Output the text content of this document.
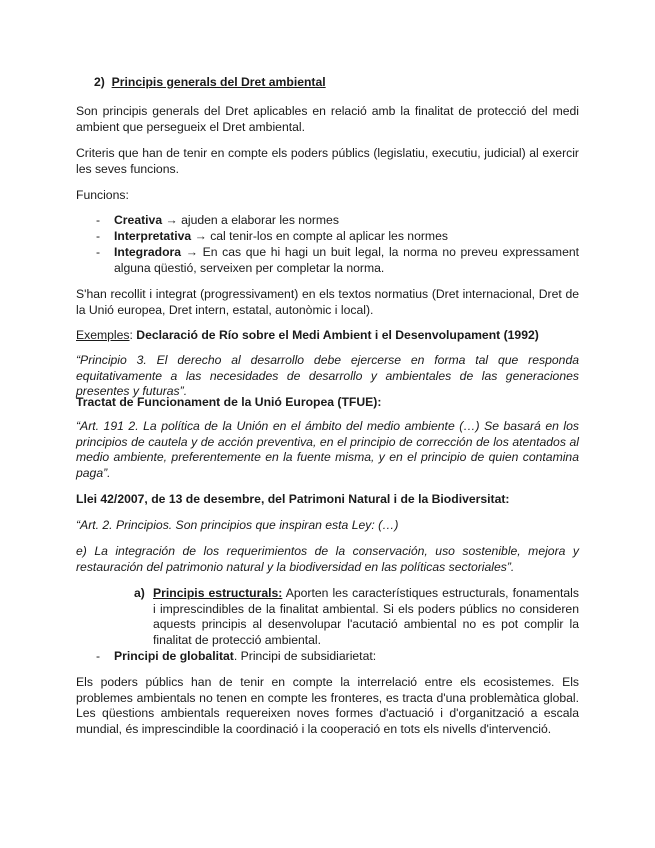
2) Principis generals del Dret ambiental

Son principis generals del Dret aplicables en relació amb la finalitat de protecció del medi ambient que persegueix el Dret ambiental.

Criteris que han de tenir en compte els poders públics (legislatiu, executiu, judicial) al exercir les seves funcions.

Funcions:

- Creativa → ajuden a elaborar les normes
- Interpretativa → cal tenir-los en compte al aplicar les normes
- Integradora → En cas que hi hagi un buit legal, la norma no preveu expressament alguna qüestió, serveixen per completar la norma.

S'han recollit i integrat (progressivament) en els textos normatius (Dret internacional, Dret de la Unió europea, Dret intern, estatal, autonòmic i local).

Exemples: Declaració de Río sobre el Medi Ambient i el Desenvolupament (1992)

“Principio 3. El derecho al desarrollo debe ejercerse en forma tal que responda equitativamente a las necesidades de desarrollo y ambientales de las generaciones presentes y futuras”.

Tractat de Funcionament de la Unió Europea (TFUE):

“Art. 191 2. La política de la Unión en el ámbito del medio ambiente (…) Se basará en los principios de cautela y de acción preventiva, en el principio de corrección de los atentados al medio ambiente, preferentemente en la fuente misma, y en el principio de quien contamina paga”.

Llei 42/2007, de 13 de desembre, del Patrimoni Natural i de la Biodiversitat:

“Art. 2. Principios. Son principios que inspiran esta Ley: (…)

e) La integración de los requerimientos de la conservación, uso sostenible, mejora y restauración del patrimonio natural y la biodiversidad en las políticas sectoriales”.

a) Principis estructurals: Aporten les característiques estructurals, fonamentals i imprescindibles de la finalitat ambiental. Si els poders públics no consideren aquests principis al desenvolupar l'acutació ambiental no es pot complir la finalitat de protecció ambiental.
- Principi de globalitat. Principi de subsidiarietat:

Els poders públics han de tenir en compte la interrelació entre els ecosistemes. Els problemes ambientals no tenen en compte les fronteres, es tracta d'una problemàtica global. Les qüestions ambientals requereixen noves formes d'actuació i d'organització a escala mundial, és imprescindible la coordinació i la cooperació en tots els nivells d'intervenció.
